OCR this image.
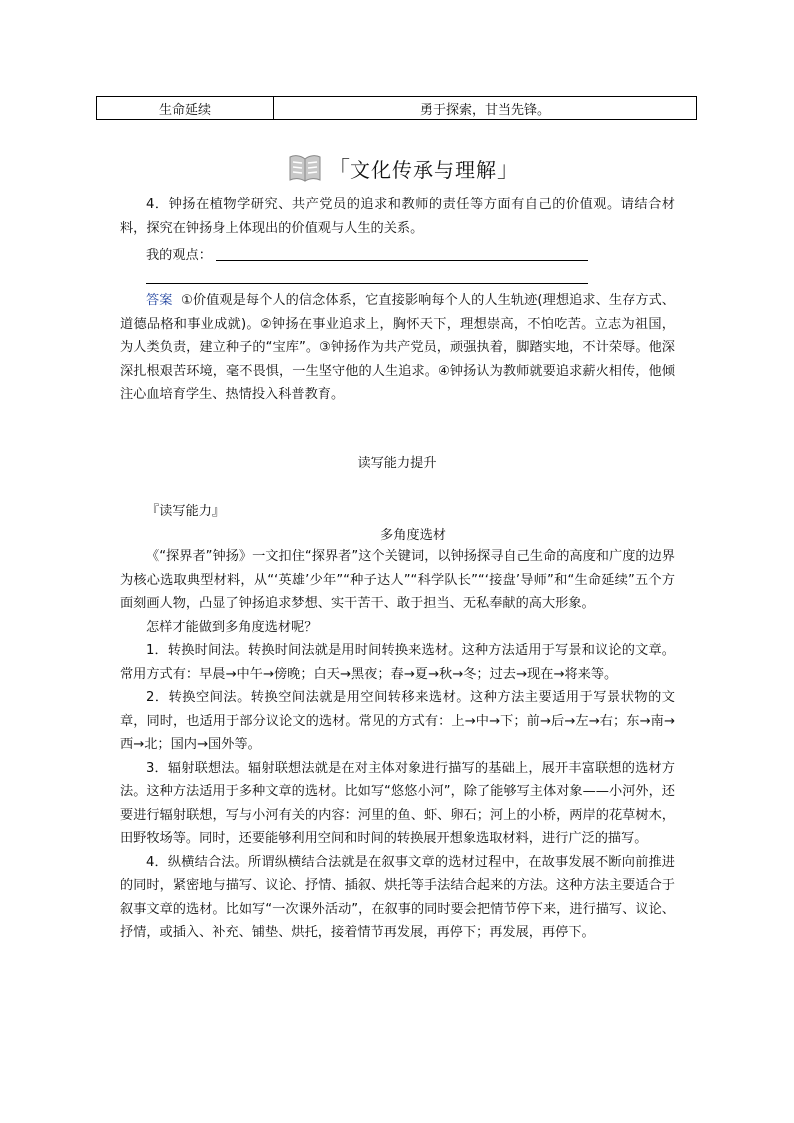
生命延续	勇于探索，甘当先锋。
「 文化传承与理解 」

4．钟扬在植物学研究、共产党员的追求和教师的责任等方面有自己的价值观。请结合材料，探究在钟扬身上体现出的价值观与人生的关系。

我的观点：

答案 ①价值观是每个人的信念体系，它直接影响每个人的人生轨迹(理想追求、生存方式、道德品格和事业成就)。②钟扬在事业追求上，胸怀天下，理想崇高，不怕吃苦。立志为祖国，为人类负责，建立种子的“宝库”。③钟扬作为共产党员，顽强执着，脚踏实地，不计荣辱。他深深扎根艰苦环境，毫不畏惧，一生坚守他的人生追求。④钟扬认为教师就要追求薪火相传，他倾注心血培育学生、热情投入科普教育。

读写能力提升
『读写能力』
多角度选材

《“探界者”钟扬》一文扣住“探界者”这个关键词，以钟扬探寻自己生命的高度和广度的边界为核心选取典型材料，从“‘英雄’少年”“种子达人”“科学队长”“‘接盘’导师”和“生命延续”五个方面刻画人物，凸显了钟扬追求梦想、实干苦干、敢于担当、无私奉献的高大形象。

怎样才能做到多角度选材呢？

1．转换时间法。转换时间法就是用时间转换来选材。这种方法适用于写景和议论的文章。常用方式有：早晨→中午→傍晚；白天→黑夜；春→夏→秋→冬；过去→现在→将来等。

2．转换空间法。转换空间法就是用空间转移来选材。这种方法主要适用于写景状物的文章，同时，也适用于部分议论文的选材。常见的方式有：上→中→下；前→后→左→右；东→南→西→北；国内→国外等。

3．辐射联想法。辐射联想法就是在对主体对象进行描写的基础上，展开丰富联想的选材方法。这种方法适用于多种文章的选材。比如写“悠悠小河”，除了能够写主体对象——小河外，还要进行辐射联想，写与小河有关的内容：河里的鱼、虾、卵石；河上的小桥，两岸的花草树木，田野牧场等。同时，还要能够利用空间和时间的转换展开想象选取材料，进行广泛的描写。

4．纵横结合法。所谓纵横结合法就是在叙事文章的选材过程中，在故事发展不断向前推进的同时，紧密地与描写、议论、抒情、插叙、烘托等手法结合起来的方法。这种方法主要适合于叙事文章的选材。比如写“一次课外活动”，在叙事的同时要会把情节停下来，进行描写、议论、抒情，或插入、补充、铺垫、烘托，接着情节再发展，再停下；再发展，再停下。
